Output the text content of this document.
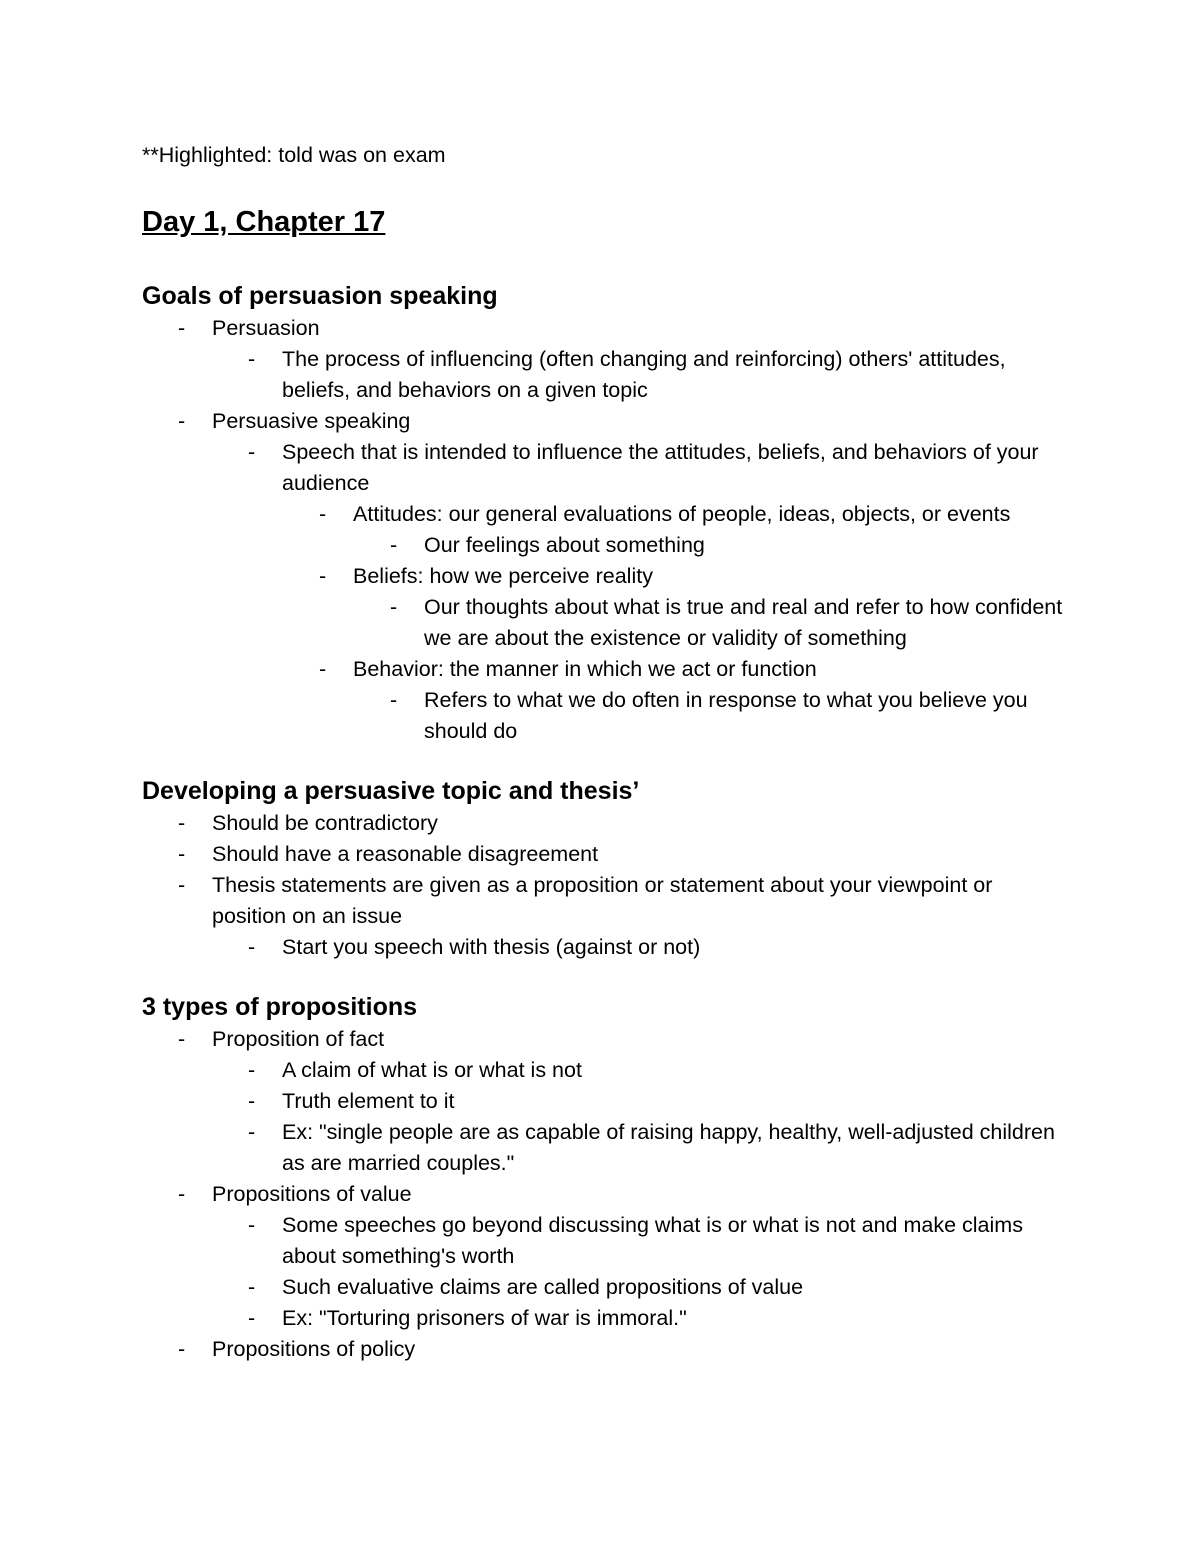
**Highlighted: told was on exam
Day 1, Chapter 17
Goals of persuasion speaking
- Persuasion
- The process of influencing (often changing and reinforcing) others' attitudes, beliefs, and behaviors on a given topic
- Persuasive speaking
- Speech that is intended to influence the attitudes, beliefs, and behaviors of your audience
- Attitudes: our general evaluations of people, ideas, objects, or events
- Our feelings about something
- Beliefs: how we perceive reality
- Our thoughts about what is true and real and refer to how confident we are about the existence or validity of something
- Behavior: the manner in which we act or function
- Refers to what we do often in response to what you believe you should do
Developing a persuasive topic and thesis’
- Should be contradictory
- Should have a reasonable disagreement
- Thesis statements are given as a proposition or statement about your viewpoint or position on an issue
- Start you speech with thesis (against or not)
3 types of propositions
- Proposition of fact
- A claim of what is or what is not
- Truth element to it
- Ex: "single people are as capable of raising happy, healthy, well-adjusted children as are married couples."
- Propositions of value
- Some speeches go beyond discussing what is or what is not and make claims about something's worth
- Such evaluative claims are called propositions of value
- Ex: "Torturing prisoners of war is immoral."
- Propositions of policy
